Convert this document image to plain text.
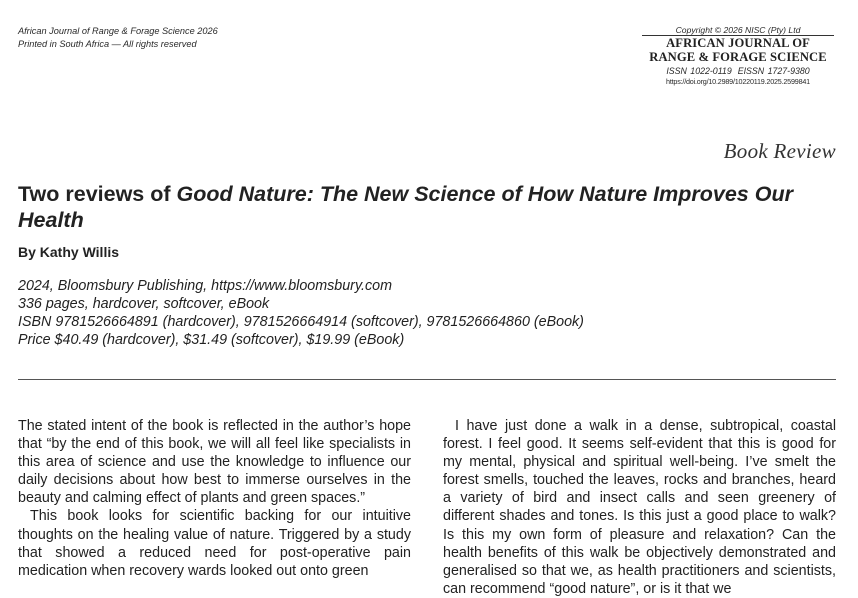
African Journal of Range & Forage Science 2026
Printed in South Africa — All rights reserved
Copyright © 2026 NISC (Pty) Ltd
AFRICAN JOURNAL OF
RANGE & FORAGE SCIENCE
ISSN 1022-0119 EISSN 1727-9380
https://doi.org/10.2989/10220119.2025.2599841
Book Review
Two reviews of Good Nature: The New Science of How Nature Improves Our Health
By Kathy Willis
2024, Bloomsbury Publishing, https://www.bloomsbury.com
336 pages, hardcover, softcover, eBook
ISBN 9781526664891 (hardcover), 9781526664914 (softcover), 9781526664860 (eBook)
Price $40.49 (hardcover), $31.49 (softcover), $19.99 (eBook)

The stated intent of the book is reflected in the author’s hope that “by the end of this book, we will all feel like specialists in this area of science and use the knowledge to influence our daily decisions about how best to immerse ourselves in the beauty and calming effect of plants and green spaces.”

This book looks for scientific backing for our intuitive thoughts on the healing value of nature. Triggered by a study that showed a reduced need for post-operative pain medication when recovery wards looked out onto green

I have just done a walk in a dense, subtropical, coastal forest. I feel good. It seems self-evident that this is good for my mental, physical and spiritual well-being. I’ve smelt the forest smells, touched the leaves, rocks and branches, heard a variety of bird and insect calls and seen greenery of different shades and tones. Is this just a good place to walk? Is this my own form of pleasure and relaxation? Can the health benefits of this walk be objectively demonstrated and generalised so that we, as health practitioners and scientists, can recommend “good nature”, or is it that we
